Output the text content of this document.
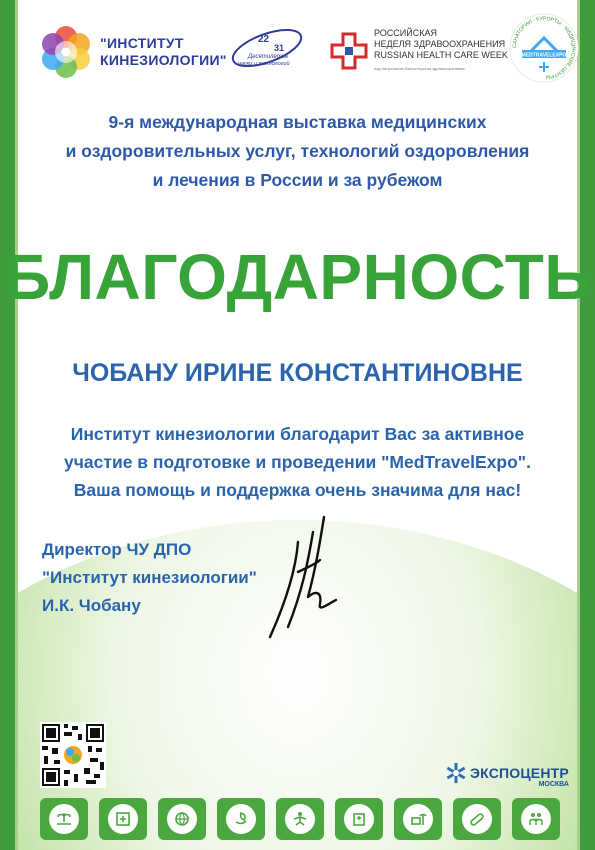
"ИНСТИТУТ
КИНЕЗИОЛОГИИ"
22
31
Десятилетие
науки и технологий
РОССИЙСКАЯ
НЕДЕЛЯ ЗДРАВООХРАНЕНИЯ
RUSSIAN HEALTH CARE WEEK
под патронатом Министерства здравоохранения
САНАТОРИИ · КУРОРТЫ · МЕДИЦИНСКИЕ ЦЕНТРЫ
MEDTRAVELEXPO
9-я международная выставка медицинских
и оздоровительных услуг, технологий оздоровления
и лечения в России и за рубежом
БЛАГОДАРНОСТЬ
ЧОБАНУ ИРИНЕ КОНСТАНТИНОВНЕ
Институт кинезиологии благодарит Вас за активное
участие в подготовке и проведении "MedTravelExpo".
Ваша помощь и поддержка очень значима для нас!
Директор ЧУ ДПО
"Институт кинезиологии"
И.К. Чобану
ЭКСПОЦЕНТР
МОСКВА
